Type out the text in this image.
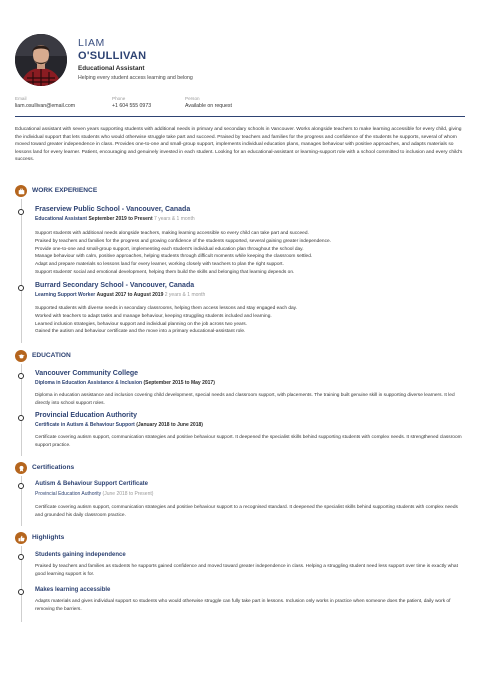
LIAM
O'SULLIVAN
Educational Assistant
Helping every student access learning and belong
Email
liam.osullivan@email.com
Phone
+1 604 555 0973
Person
Available on request
Educational assistant with seven years supporting students with additional needs in primary and secondary schools in Vancouver. Works alongside teachers to make learning accessible for every child, giving the individual support that lets students who would otherwise struggle take part and succeed. Praised by teachers and families for the progress and confidence of the students he supports, several of whom moved toward greater independence in class. Provides one-to-one and small-group support, implements individual education plans, manages behaviour with positive approaches, and adapts materials so lessons land for every learner. Patient, encouraging and genuinely invested in each student. Looking for an educational-assistant or learning-support role with a school committed to inclusion and every child's success.
WORK EXPERIENCE
Fraserview Public School - Vancouver, Canada
Educational Assistant September 2019 to Present 7 years & 1 month
Support students with additional needs alongside teachers, making learning accessible so every child can take part and succeed.
Praised by teachers and families for the progress and growing confidence of the students supported, several gaining greater independence.
Provide one-to-one and small-group support, implementing each student's individual education plan throughout the school day.
Manage behaviour with calm, positive approaches, helping students through difficult moments while keeping the classroom settled.
Adapt and prepare materials so lessons land for every learner, working closely with teachers to plan the right support.
Support students' social and emotional development, helping them build the skills and belonging that learning depends on.
Burrard Secondary School - Vancouver, Canada
Learning Support Worker August 2017 to August 2019 2 years & 1 month
Supported students with diverse needs in secondary classrooms, helping them access lessons and stay engaged each day.
Worked with teachers to adapt tasks and manage behaviour, keeping struggling students included and learning.
Learned inclusion strategies, behaviour support and individual planning on the job across two years.
Gained the autism and behaviour certificate and the move into a primary educational-assistant role.
EDUCATION
Vancouver Community College
Diploma in Education Assistance & Inclusion (September 2015 to May 2017)
Diploma in education assistance and inclusion covering child development, special needs and classroom support, with placements. The training built genuine skill in supporting diverse learners. It led directly into school support roles.
Provincial Education Authority
Certificate in Autism & Behaviour Support (January 2018 to June 2018)
Certificate covering autism support, communication strategies and positive behaviour support. It deepened the specialist skills behind supporting students with complex needs. It strengthened classroom support practice.
Certifications
Autism & Behaviour Support Certificate
Provincial Education Authority (June 2018 to Present)
Certificate covering autism support, communication strategies and positive behaviour support to a recognised standard. It deepened the specialist skills behind supporting students with complex needs and grounded his daily classroom practice.
Highlights
Students gaining independence
Praised by teachers and families as students he supports gained confidence and moved toward greater independence in class. Helping a struggling student need less support over time is exactly what good learning support is for.
Makes learning accessible
Adapts materials and gives individual support so students who would otherwise struggle can fully take part in lessons. Inclusion only works in practice when someone does the patient, daily work of removing the barriers.
